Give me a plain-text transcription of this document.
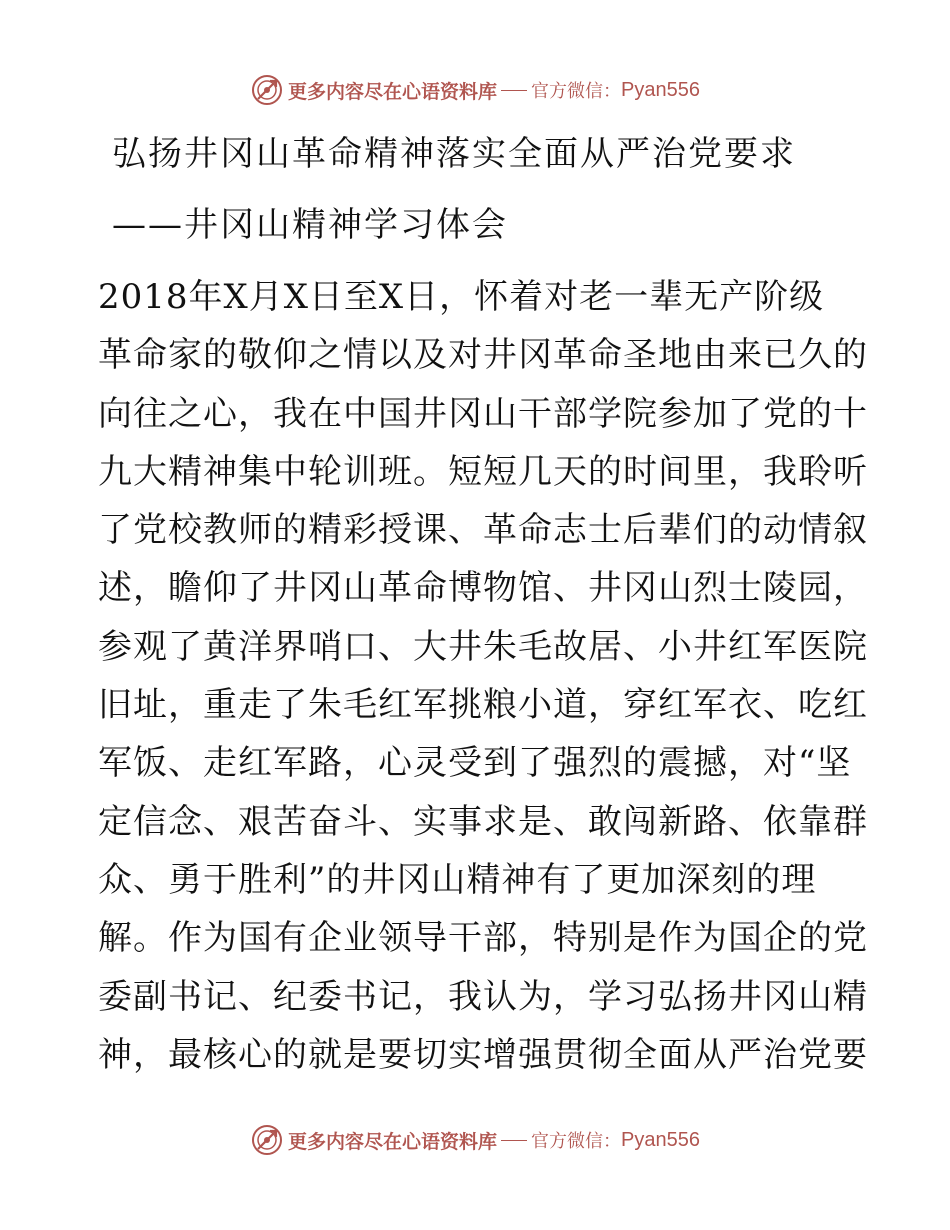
更多内容尽在心语资料库 官方微信： Pyan556
弘扬井冈山革命精神落实全面从严治党要求
——井冈山精神学习体会
2018年X月X日至X日，怀着对老一辈无产阶级
革命家的敬仰之情以及对井冈革命圣地由来已久的
向往之心，我在中国井冈山干部学院参加了党的十
九大精神集中轮训班。短短几天的时间里，我聆听
了党校教师的精彩授课、革命志士后辈们的动情叙
述，瞻仰了井冈山革命博物馆、井冈山烈士陵园，
参观了黄洋界哨口、大井朱毛故居、小井红军医院
旧址，重走了朱毛红军挑粮小道，穿红军衣、吃红
军饭、走红军路，心灵受到了强烈的震撼，对“坚
定信念、艰苦奋斗、实事求是、敢闯新路、依靠群
众、勇于胜利”的井冈山精神有了更加深刻的理
解。作为国有企业领导干部，特别是作为国企的党
委副书记、纪委书记，我认为，学习弘扬井冈山精
神，最核心的就是要切实增强贯彻全面从严治党要
更多内容尽在心语资料库 官方微信： Pyan556
